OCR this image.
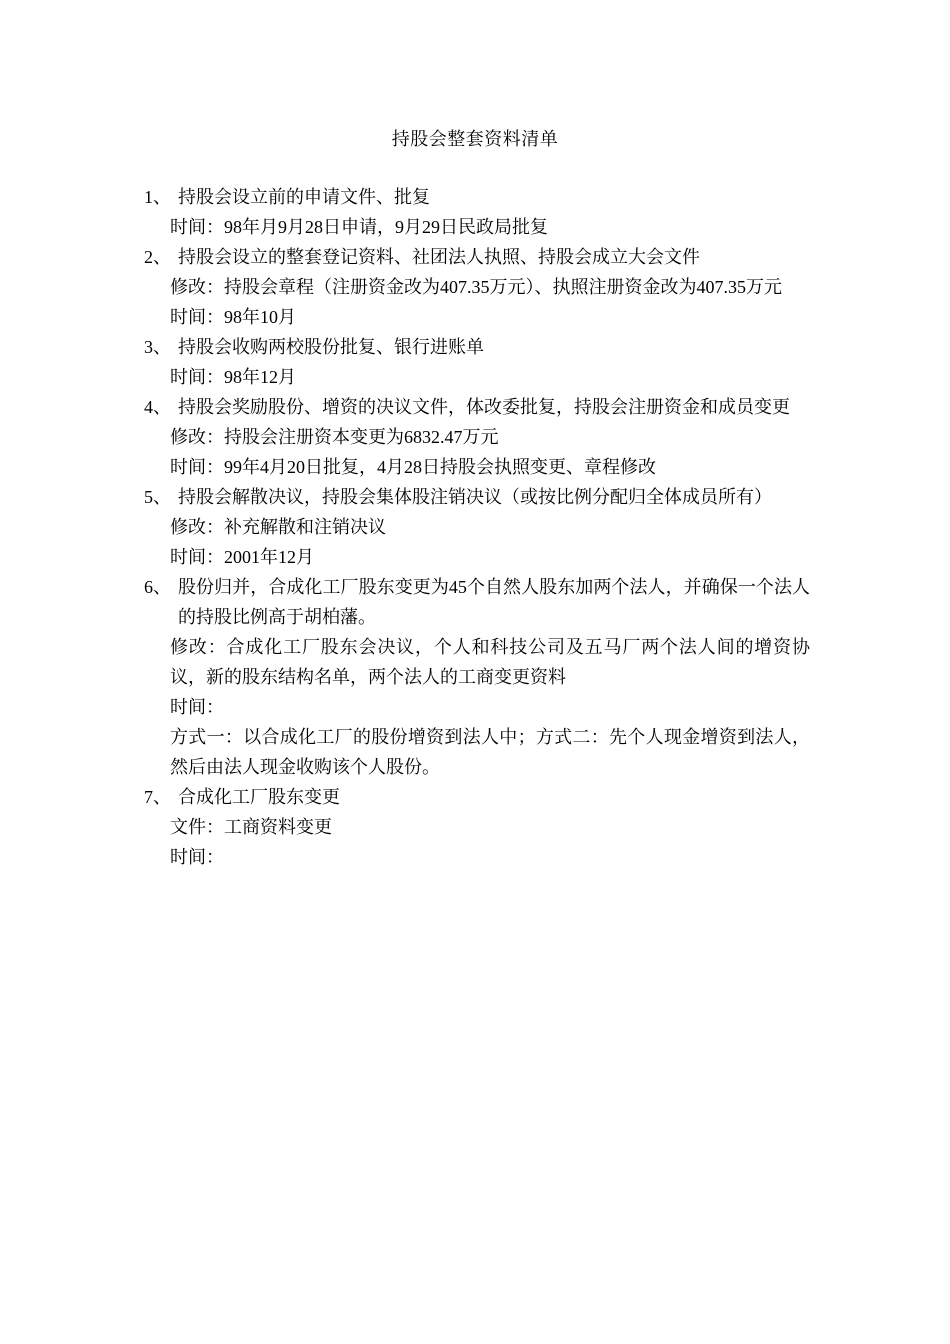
持股会整套资料清单
1、 持股会设立前的申请文件、批复
时间：98年月9月28日申请，9月29日民政局批复
2、 持股会设立的整套登记资料、社团法人执照、持股会成立大会文件
修改：持股会章程（注册资金改为407.35万元）、执照注册资金改为407.35万元
时间：98年10月
3、 持股会收购两校股份批复、银行进账单
时间：98年12月
4、 持股会奖励股份、增资的决议文件，体改委批复，持股会注册资金和成员变更
修改：持股会注册资本变更为6832.47万元
时间：99年4月20日批复，4月28日持股会执照变更、章程修改
5、 持股会解散决议，持股会集体股注销决议（或按比例分配归全体成员所有）
修改：补充解散和注销决议
时间：2001年12月
6、 股份归并，合成化工厂股东变更为45个自然人股东加两个法人，并确保一个法人的持股比例高于胡柏藩。
修改：合成化工厂股东会决议，个人和科技公司及五马厂两个法人间的增资协议，新的股东结构名单，两个法人的工商变更资料
时间：
方式一：以合成化工厂的股份增资到法人中；方式二：先个人现金增资到法人，然后由法人现金收购该个人股份。
7、 合成化工厂股东变更
文件：工商资料变更
时间：
